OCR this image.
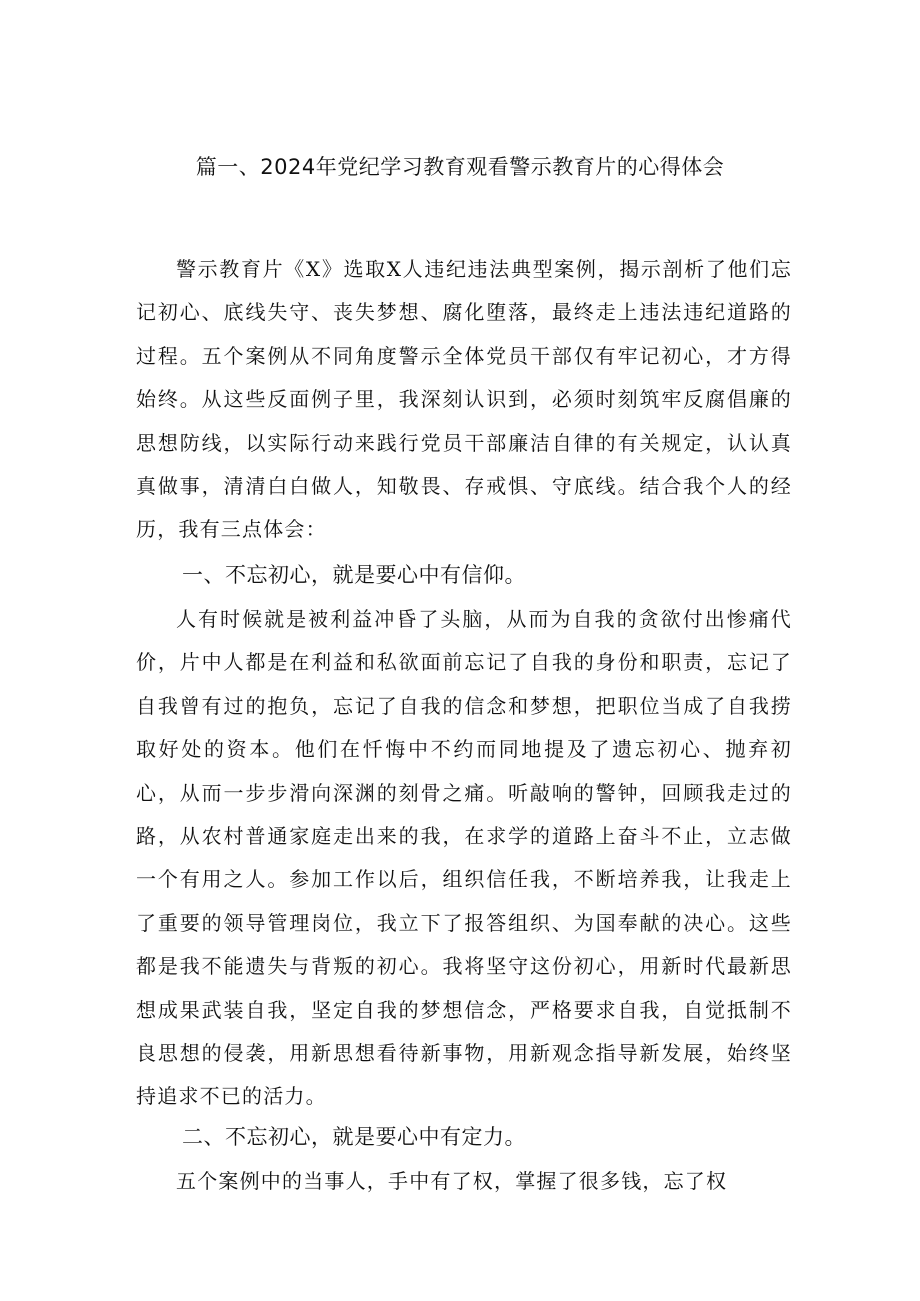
篇一、2024年党纪学习教育观看警示教育片的心得体会

警示教育片《X》选取X人违纪违法典型案例，揭示剖析了他们忘记初心、底线失守、丧失梦想、腐化堕落，最终走上违法违纪道路的过程。五个案例从不同角度警示全体党员干部仅有牢记初心，才方得始终。从这些反面例子里，我深刻认识到，必须时刻筑牢反腐倡廉的思想防线，以实际行动来践行党员干部廉洁自律的有关规定，认认真真做事，清清白白做人，知敬畏、存戒惧、守底线。结合我个人的经历，我有三点体会：

一、不忘初心，就是要心中有信仰。

人有时候就是被利益冲昏了头脑，从而为自我的贪欲付出惨痛代价，片中人都是在利益和私欲面前忘记了自我的身份和职责，忘记了自我曾有过的抱负，忘记了自我的信念和梦想，把职位当成了自我捞取好处的资本。他们在忏悔中不约而同地提及了遗忘初心、抛弃初心，从而一步步滑向深渊的刻骨之痛。听敲响的警钟，回顾我走过的路，从农村普通家庭走出来的我，在求学的道路上奋斗不止，立志做一个有用之人。参加工作以后，组织信任我，不断培养我，让我走上了重要的领导管理岗位，我立下了报答组织、为国奉献的决心。这些都是我不能遗失与背叛的初心。我将坚守这份初心，用新时代最新思想成果武装自我，坚定自我的梦想信念，严格要求自我，自觉抵制不良思想的侵袭，用新思想看待新事物，用新观念指导新发展，始终坚持追求不已的活力。

二、不忘初心，就是要心中有定力。

五个案例中的当事人，手中有了权，掌握了很多钱，忘了权
